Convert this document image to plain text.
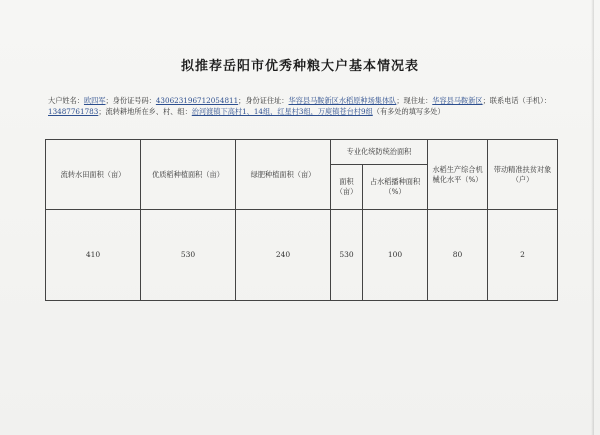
拟推荐岳阳市优秀种粮大户基本情况表
大户姓名：欧四军；身份证号码：430623196712054811；身份证住址：华容县马鞍新区水稻原种场集体队；现住址：华容县马鞍新区；联系电话（手机）：13487761783；流转耕地所在乡、村、组：治河渡镇下高村1、14组，红星村3组，万庾镇苍台村9组（有多处的填写多处）
流转水田面积（亩）	优质稻种植面积（亩）	绿肥种植面积（亩）	专业化统防统治面积		水稻生产综合机械化水平（%）	带动精准扶贫对象（户）
			面积（亩）	占水稻播种面积（%）		
410	530	240	530	100	80	2
